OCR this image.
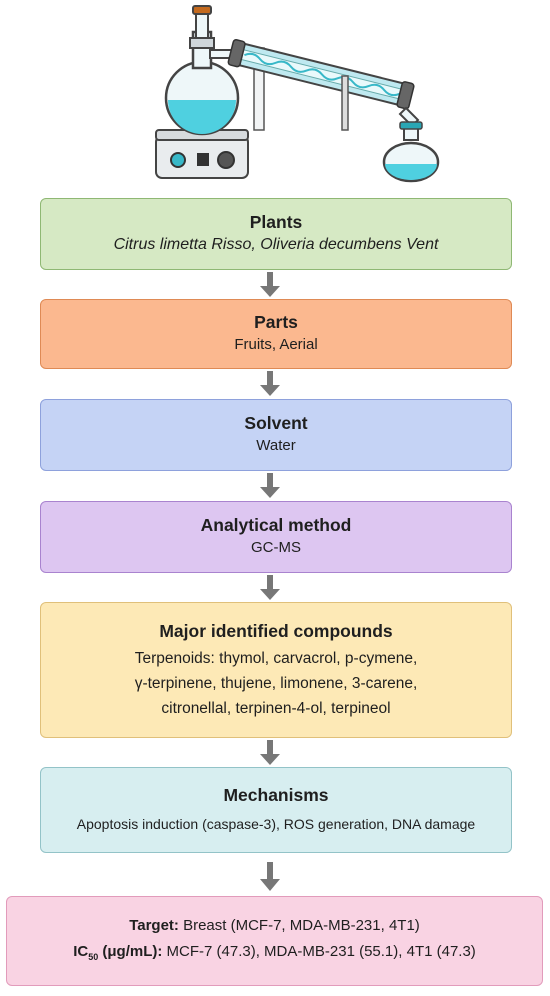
Plants
Citrus limetta Risso, Oliveria decumbens Vent
Parts
Fruits, Aerial
Solvent
Water
Analytical method
GC-MS
Major identified compounds
Terpenoids: thymol, carvacrol, p-cymene,
γ-terpinene, thujene, limonene, 3-carene,
citronellal, terpinen-4-ol, terpineol
Mechanisms
Apoptosis induction (caspase-3), ROS generation, DNA damage
Target: Breast (MCF-7, MDA-MB-231, 4T1)
$IC_{50}$ (μg/mL): MCF-7 (47.3), MDA-MB-231 (55.1), 4T1 (47.3)
